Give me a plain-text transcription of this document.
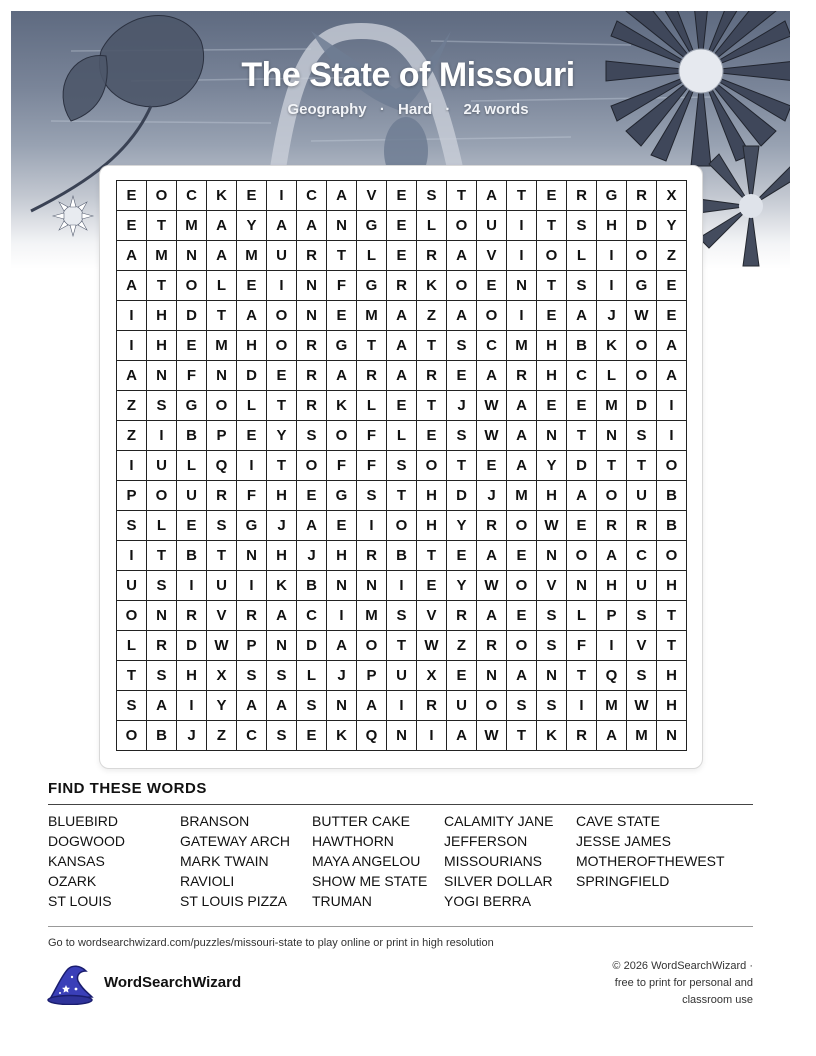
The State of Missouri
Geography · Hard · 24 words
E	O	C	K	E	I	C	A	V	E	S	T	A	T	E	R	G	R	X
E	T	M	A	Y	A	A	N	G	E	L	O	U	I	T	S	H	D	Y
A	M	N	A	M	U	R	T	L	E	R	A	V	I	O	L	I	O	Z
A	T	O	L	E	I	N	F	G	R	K	O	E	N	T	S	I	G	E
I	H	D	T	A	O	N	E	M	A	Z	A	O	I	E	A	J	W	E
I	H	E	M	H	O	R	G	T	A	T	S	C	M	H	B	K	O	A
A	N	F	N	D	E	R	A	R	A	R	E	A	R	H	C	L	O	A
Z	S	G	O	L	T	R	K	L	E	T	J	W	A	E	E	M	D	I
Z	I	B	P	E	Y	S	O	F	L	E	S	W	A	N	T	N	S	I
I	U	L	Q	I	T	O	F	F	S	O	T	E	A	Y	D	T	T	O
P	O	U	R	F	H	E	G	S	T	H	D	J	M	H	A	O	U	B
S	L	E	S	G	J	A	E	I	O	H	Y	R	O	W	E	R	R	B
I	T	B	T	N	H	J	H	R	B	T	E	A	E	N	O	A	C	O
U	S	I	U	I	K	B	N	N	I	E	Y	W	O	V	N	H	U	H
O	N	R	V	R	A	C	I	M	S	V	R	A	E	S	L	P	S	T
L	R	D	W	P	N	D	A	O	T	W	Z	R	O	S	F	I	V	T
T	S	H	X	S	S	L	J	P	U	X	E	N	A	N	T	Q	S	H
S	A	I	Y	A	A	S	N	A	I	R	U	O	S	S	I	M	W	H
O	B	J	Z	C	S	E	K	Q	N	I	A	W	T	K	R	A	M	N
FIND THESE WORDS
BLUEBIRD	BRANSON	BUTTER CAKE	CALAMITY JANE	CAVE STATE
DOGWOOD	GATEWAY ARCH	HAWTHORN	JEFFERSON	JESSE JAMES
KANSAS	MARK TWAIN	MAYA ANGELOU	MISSOURIANS	MOTHEROFTHEWEST
OZARK	RAVIOLI	SHOW ME STATE	SILVER DOLLAR	SPRINGFIELD
ST LOUIS	ST LOUIS PIZZA	TRUMAN	YOGI BERRA
Go to wordsearchwizard.com/puzzles/missouri-state to play online or print in high resolution
WordSearchWizard
© 2026 WordSearchWizard ·
free to print for personal and
classroom use
